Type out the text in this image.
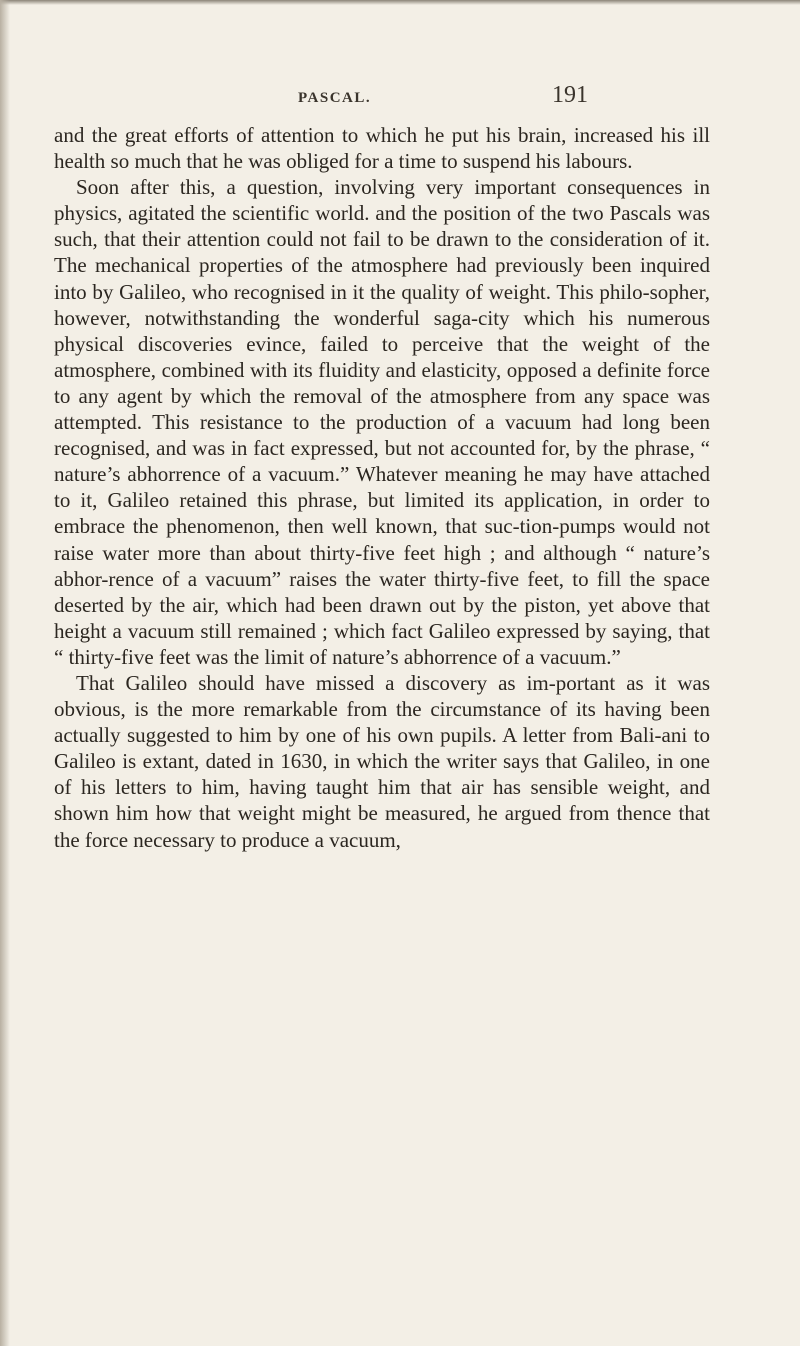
PASCAL.	191

and the great efforts of attention to which he put his brain, increased his ill health so much that he was obliged for a time to suspend his labours.

Soon after this, a question, involving very important consequences in physics, agitated the scientific world. and the position of the two Pascals was such, that their attention could not fail to be drawn to the consideration of it. The mechanical properties of the atmosphere had previously been inquired into by Galileo, who recognised in it the quality of weight. This philo-sopher, however, notwithstanding the wonderful saga-city which his numerous physical discoveries evince, failed to perceive that the weight of the atmosphere, combined with its fluidity and elasticity, opposed a definite force to any agent by which the removal of the atmosphere from any space was attempted. This resistance to the production of a vacuum had long been recognised, and was in fact expressed, but not accounted for, by the phrase, “ nature’s abhorrence of a vacuum.” Whatever meaning he may have attached to it, Galileo retained this phrase, but limited its application, in order to embrace the phenomenon, then well known, that suc-tion-pumps would not raise water more than about thirty-five feet high ; and although “ nature’s abhor-rence of a vacuum” raises the water thirty-five feet, to fill the space deserted by the air, which had been drawn out by the piston, yet above that height a vacuum still remained ; which fact Galileo expressed by saying, that “ thirty-five feet was the limit of nature’s abhorrence of a vacuum.”

That Galileo should have missed a discovery as im-portant as it was obvious, is the more remarkable from the circumstance of its having been actually suggested to him by one of his own pupils. A letter from Bali-ani to Galileo is extant, dated in 1630, in which the writer says that Galileo, in one of his letters to him, having taught him that air has sensible weight, and shown him how that weight might be measured, he argued from thence that the force necessary to produce a vacuum,
